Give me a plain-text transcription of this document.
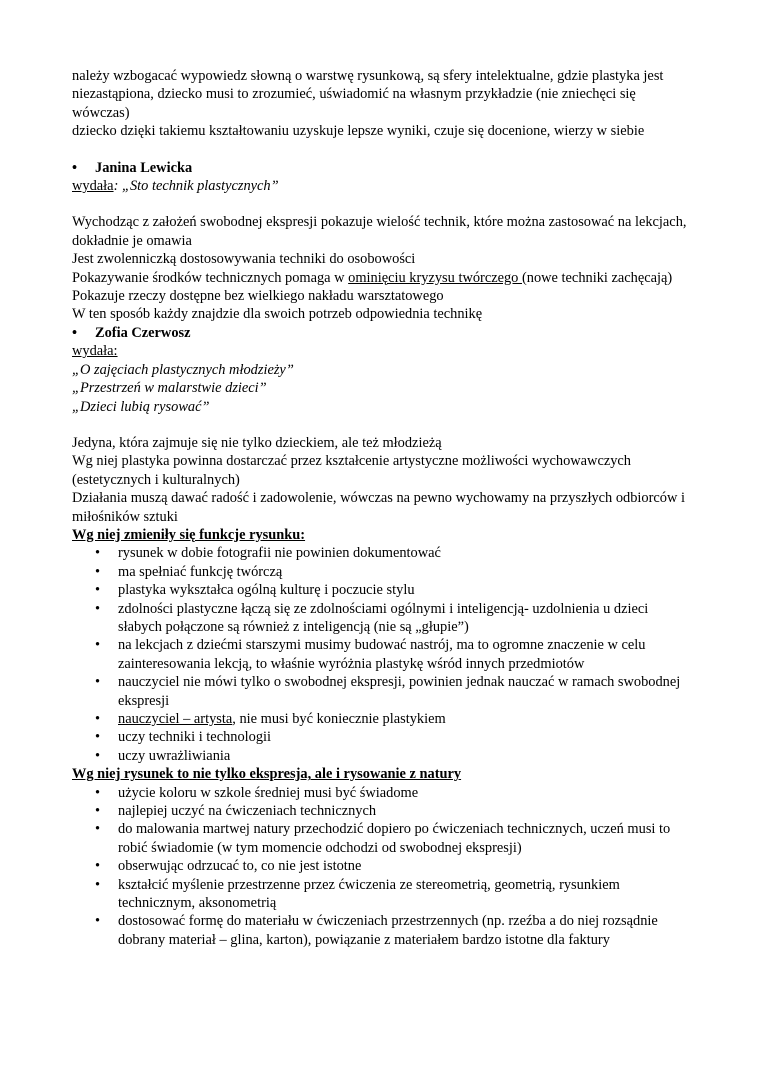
należy wzbogacać wypowiedz słowną o warstwę rysunkową, są sfery intelektualne, gdzie plastyka jest niezastąpiona, dziecko musi to zrozumieć, uświadomić na własnym przykładzie (nie zniechęci się wówczas)

dziecko dzięki takiemu kształtowaniu uzyskuje lepsze wyniki, czuje się docenione, wierzy w siebie

• Janina Lewicka

wydała: „Sto technik plastycznych”

Wychodząc z założeń swobodnej ekspresji pokazuje wielość technik, które można zastosować na lekcjach, dokładnie je omawia

Jest zwolenniczką dostosowywania techniki do osobowości

Pokazywanie środków technicznych pomaga w ominięciu kryzysu twórczego (nowe techniki zachęcają)

Pokazuje rzeczy dostępne bez wielkiego nakładu warsztatowego

W ten sposób każdy znajdzie dla swoich potrzeb odpowiednia technikę

• Zofia Czerwosz

wydała:

„O zajęciach plastycznych młodzieży”

„Przestrzeń w malarstwie dzieci”

„Dzieci lubią rysować”

Jedyna, która zajmuje się nie tylko dzieckiem, ale też młodzieżą

Wg niej plastyka powinna dostarczać przez kształcenie artystyczne możliwości wychowawczych (estetycznych i kulturalnych)

Działania muszą dawać radość i zadowolenie, wówczas na pewno wychowamy na przyszłych odbiorców i miłośników sztuki

Wg niej zmieniły się funkcje rysunku:

• rysunek w dobie fotografii nie powinien dokumentować
• ma spełniać funkcję twórczą
• plastyka wykształca ogólną kulturę i poczucie stylu
• zdolności plastyczne łączą się ze zdolnościami ogólnymi i inteligencją- uzdolnienia u dzieci słabych połączone są również z inteligencją (nie są „głupie”)
• na lekcjach z dziećmi starszymi musimy budować nastrój, ma to ogromne znaczenie w celu zainteresowania lekcją, to właśnie wyróżnia plastykę wśród innych przedmiotów
• nauczyciel nie mówi tylko o swobodnej ekspresji, powinien jednak nauczać w ramach swobodnej ekspresji
• nauczyciel – artysta, nie musi być koniecznie plastykiem
• uczy techniki i technologii
• uczy uwrażliwiania

Wg niej rysunek to nie tylko ekspresja, ale i rysowanie z natury

• użycie koloru w szkole średniej musi być świadome
• najlepiej uczyć na ćwiczeniach technicznych
• do malowania martwej natury przechodzić dopiero po ćwiczeniach technicznych, uczeń musi to robić świadomie (w tym momencie odchodzi od swobodnej ekspresji)
• obserwując odrzucać to, co nie jest istotne
• kształcić myślenie przestrzenne przez ćwiczenia ze stereometrią, geometrią, rysunkiem technicznym, aksonometrią
• dostosować formę do materiału w ćwiczeniach przestrzennych (np. rzeźba a do niej rozsądnie dobrany materiał – glina, karton), powiązanie z materiałem bardzo istotne dla faktury
